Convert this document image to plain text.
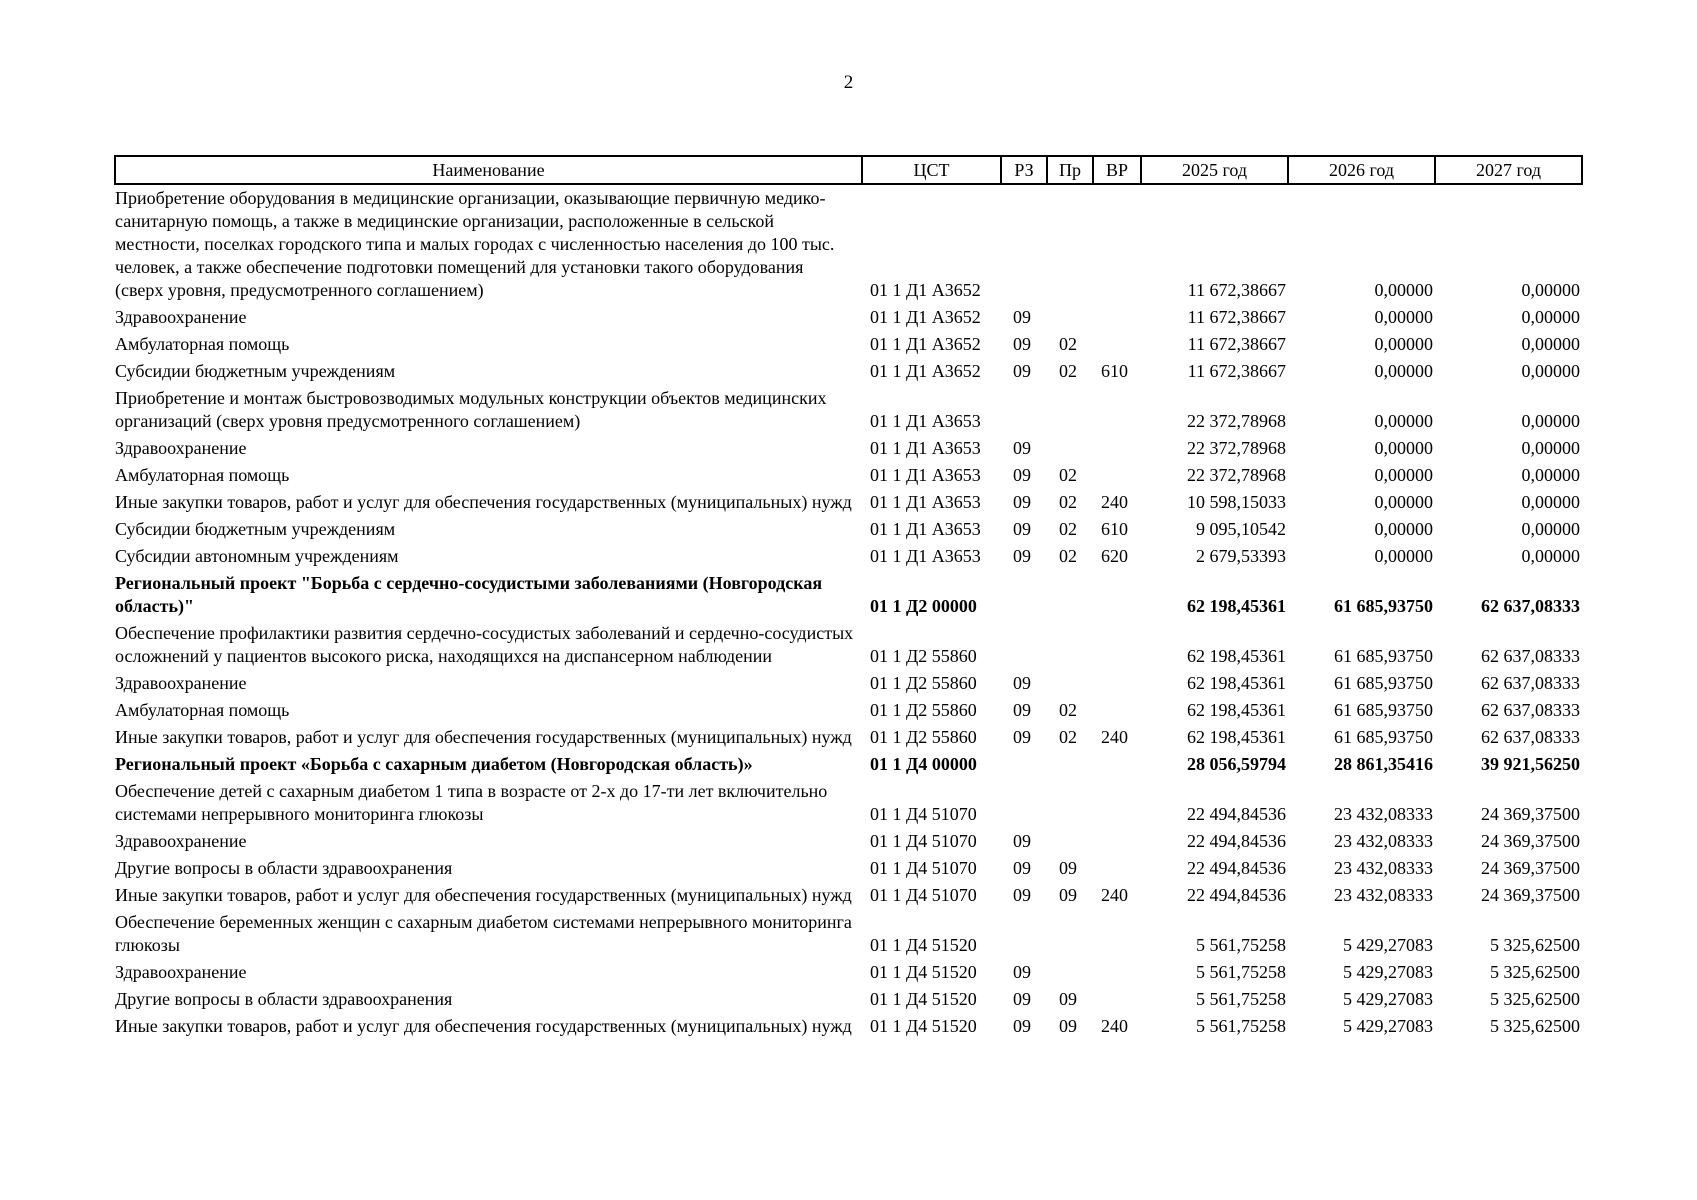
2
Наименование	ЦСТ	РЗ	Пр	ВР	2025 год	2026 год	2027 год
Приобретение оборудования в медицинские организации, оказывающие первичную медико-санитарную помощь, а также в медицинские организации, расположенные в сельской местности, поселках городского типа и малых городах с численностью населения до 100 тыс. человек, а также обеспечение подготовки помещений для установки такого оборудования (сверх уровня, предусмотренного соглашением)	01 1 Д1 А3652				11 672,38667	0,00000	0,00000
Здравоохранение	01 1 Д1 А3652	09			11 672,38667	0,00000	0,00000
Амбулаторная помощь	01 1 Д1 А3652	09	02		11 672,38667	0,00000	0,00000
Субсидии бюджетным учреждениям	01 1 Д1 А3652	09	02	610	11 672,38667	0,00000	0,00000
Приобретение и монтаж быстровозводимых модульных конструкции объектов медицинских организаций (сверх уровня предусмотренного соглашением)	01 1 Д1 А3653				22 372,78968	0,00000	0,00000
Здравоохранение	01 1 Д1 А3653	09			22 372,78968	0,00000	0,00000
Амбулаторная помощь	01 1 Д1 А3653	09	02		22 372,78968	0,00000	0,00000
Иные закупки товаров, работ и услуг для обеспечения государственных (муниципальных) нужд	01 1 Д1 А3653	09	02	240	10 598,15033	0,00000	0,00000
Субсидии бюджетным учреждениям	01 1 Д1 А3653	09	02	610	9 095,10542	0,00000	0,00000
Субсидии автономным учреждениям	01 1 Д1 А3653	09	02	620	2 679,53393	0,00000	0,00000
Региональный проект "Борьба с сердечно-сосудистыми заболеваниями (Новгородская область)"	01 1 Д2 00000				62 198,45361	61 685,93750	62 637,08333
Обеспечение профилактики развития сердечно-сосудистых заболеваний и сердечно-сосудистых осложнений у пациентов высокого риска, находящихся на диспансерном наблюдении	01 1 Д2 55860				62 198,45361	61 685,93750	62 637,08333
Здравоохранение	01 1 Д2 55860	09			62 198,45361	61 685,93750	62 637,08333
Амбулаторная помощь	01 1 Д2 55860	09	02		62 198,45361	61 685,93750	62 637,08333
Иные закупки товаров, работ и услуг для обеспечения государственных (муниципальных) нужд	01 1 Д2 55860	09	02	240	62 198,45361	61 685,93750	62 637,08333
Региональный проект «Борьба с сахарным диабетом (Новгородская область)»	01 1 Д4 00000				28 056,59794	28 861,35416	39 921,56250
Обеспечение детей с сахарным диабетом 1 типа в возрасте от 2-х до 17-ти лет включительно системами непрерывного мониторинга глюкозы	01 1 Д4 51070				22 494,84536	23 432,08333	24 369,37500
Здравоохранение	01 1 Д4 51070	09			22 494,84536	23 432,08333	24 369,37500
Другие вопросы в области здравоохранения	01 1 Д4 51070	09	09		22 494,84536	23 432,08333	24 369,37500
Иные закупки товаров, работ и услуг для обеспечения государственных (муниципальных) нужд	01 1 Д4 51070	09	09	240	22 494,84536	23 432,08333	24 369,37500
Обеспечение беременных женщин с сахарным диабетом системами непрерывного мониторинга глюкозы	01 1 Д4 51520				5 561,75258	5 429,27083	5 325,62500
Здравоохранение	01 1 Д4 51520	09			5 561,75258	5 429,27083	5 325,62500
Другие вопросы в области здравоохранения	01 1 Д4 51520	09	09		5 561,75258	5 429,27083	5 325,62500
Иные закупки товаров, работ и услуг для обеспечения государственных (муниципальных) нужд	01 1 Д4 51520	09	09	240	5 561,75258	5 429,27083	5 325,62500
